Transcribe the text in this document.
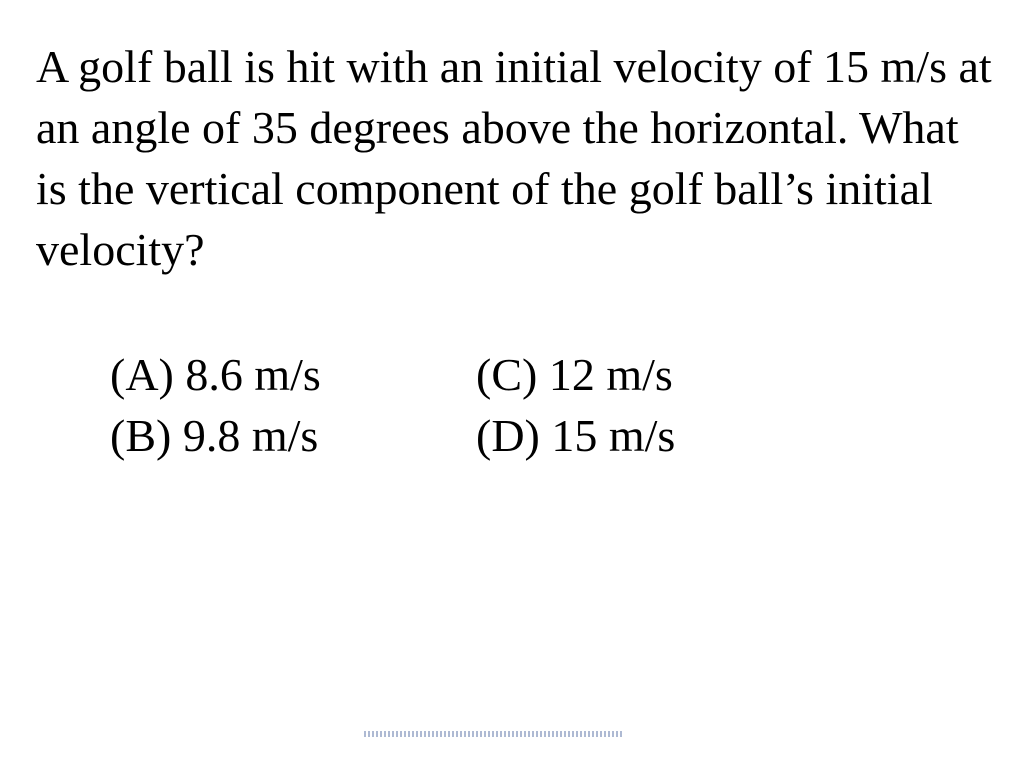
A golf ball is hit with an initial velocity of 15 m/s at an angle of 35 degrees above the horizontal. What is the vertical component of the golf ball’s initial velocity?

(A) 8.6 m/s	(C) 12 m/s
(B) 9.8 m/s	(D) 15 m/s
